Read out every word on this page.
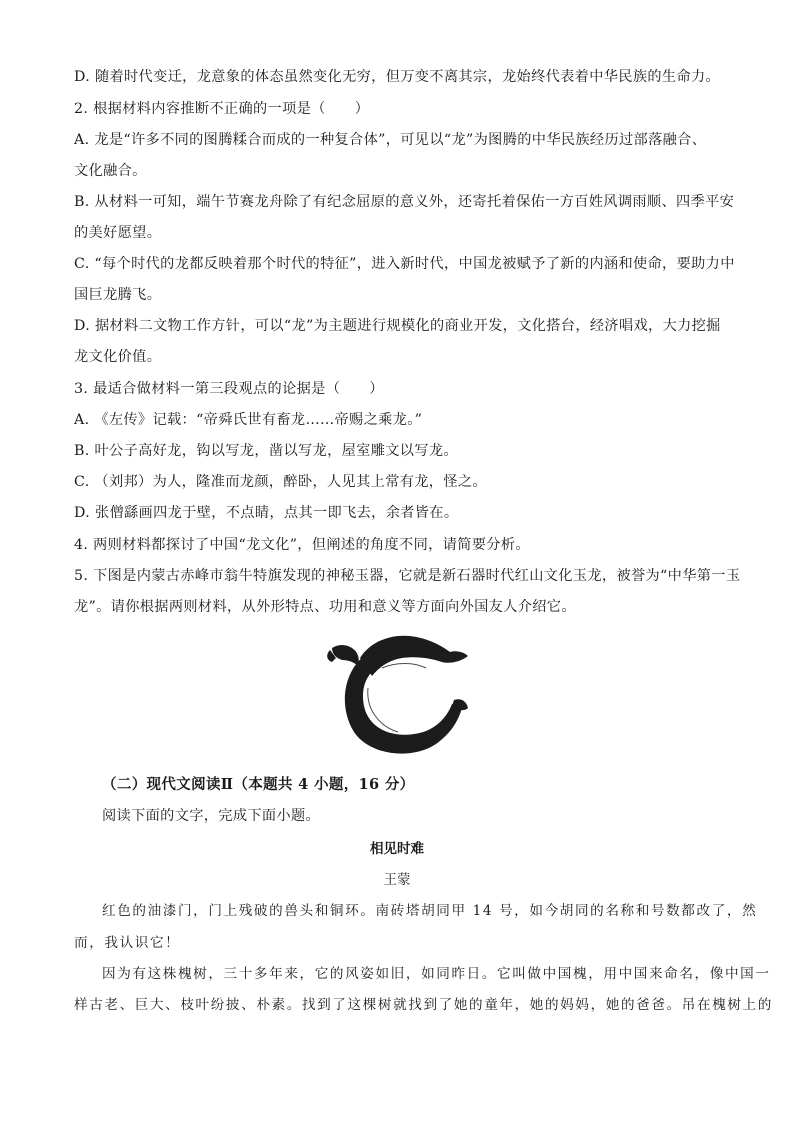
D. 随着时代变迁，龙意象的体态虽然变化无穷，但万变不离其宗，龙始终代表着中华民族的生命力。
2. 根据材料内容推断不正确的一项是（　　）
A. 龙是“许多不同的图腾糅合而成的一种复合体”，可见以“龙”为图腾的中华民族经历过部落融合、
文化融合。
B. 从材料一可知，端午节赛龙舟除了有纪念屈原的意义外，还寄托着保佑一方百姓风调雨顺、四季平安
的美好愿望。
C. “每个时代的龙都反映着那个时代的特征”，进入新时代，中国龙被赋予了新的内涵和使命，要助力中
国巨龙腾飞。
D. 据材料二文物工作方针，可以“龙”为主题进行规模化的商业开发，文化搭台，经济唱戏，大力挖掘
龙文化价值。
3. 最适合做材料一第三段观点的论据是（　　）
A. 《左传》记载：“帝舜氏世有畜龙……帝赐之乘龙。”
B. 叶公子高好龙，钩以写龙，凿以写龙，屋室雕文以写龙。
C. （刘邦）为人，隆准而龙颜，醉卧，人见其上常有龙，怪之。
D. 张僧繇画四龙于壁，不点睛，点其一即飞去，余者皆在。
4. 两则材料都探讨了中国“龙文化”，但阐述的角度不同，请简要分析。
5. 下图是内蒙古赤峰市翁牛特旗发现的神秘玉器，它就是新石器时代红山文化玉龙，被誉为“中华第一玉
龙”。请你根据两则材料，从外形特点、功用和意义等方面向外国友人介绍它。
（二）现代文阅读Ⅱ（本题共 4 小题，16 分）
阅读下面的文字，完成下面小题。
相见时难
王蒙
红色的油漆门，门上残破的兽头和铜环。南砖塔胡同甲 14 号，如今胡同的名称和号数都改了，然
而，我认识它！
因为有这株槐树，三十多年来，它的风姿如旧，如同昨日。它叫做中国槐，用中国来命名，像中国一
样古老、巨大、枝叶纷披、朴素。找到了这棵树就找到了她的童年，她的妈妈，她的爸爸。吊在槐树上的
